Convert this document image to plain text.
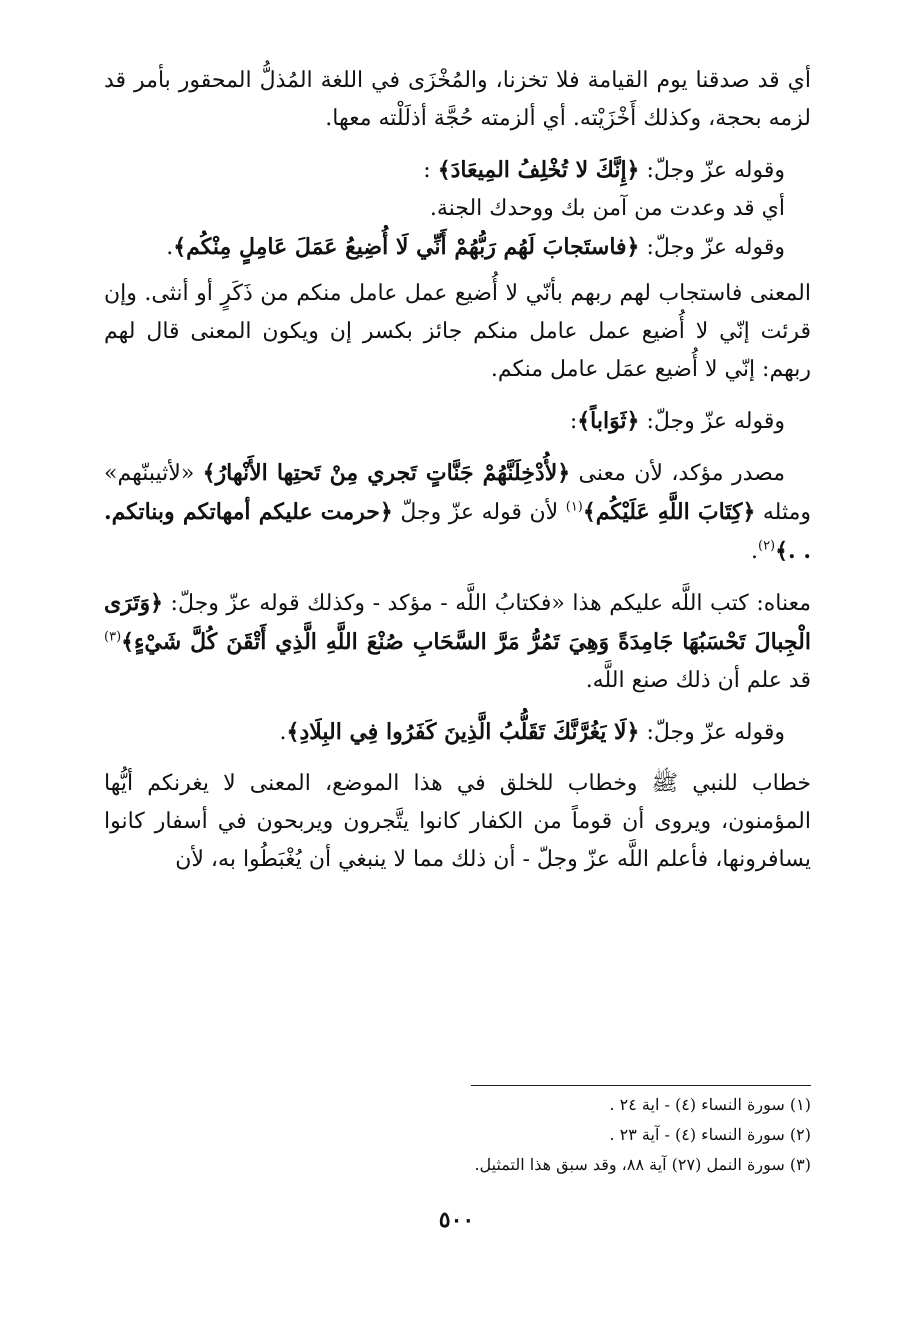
أي قد صدقنا يوم القيامة فلا تخزنا، والمُخْزَى في اللغة المُذلُّ المحقور بأمر قد لزمه بحجة، وكذلك أَخْزَيْته. أي ألزمته حُجَّة أذلَلْته معها.

وقوله عزّ وجلّ: ﴿إِنَّكَ لا تُخْلِفُ المِيعَادَ﴾ :

أي قد وعدت من آمن بك ووحدك الجنة.

وقوله عزّ وجلّ: ﴿فاستَجابَ لَهُم رَبُّهُمْ أَنِّي لَا أُضِيعُ عَمَلَ عَامِلٍ مِنْكُم﴾.

المعنى فاستجاب لهم ربهم بأنّي لا أُضيع عمل عامل منكم من ذَكَرٍ أو أنثى. وإن قرئت إنّي لا أُضيع عمل عامل منكم جائز بكسر إن ويكون المعنى قال لهم ربهم: إنّي لا أُضيع عمَل عامل منكم.

وقوله عزّ وجلّ: ﴿ثَوَاباً﴾:

مصدر مؤكد، لأن معنى ﴿لأُدْخِلَنَّهُمْ جَنَّاتٍ تَجري مِنْ تَحتِها الأَنْهارُ﴾ «لأثيبنّهم» ومثله ﴿كِتَابَ اللَّهِ عَلَيْكُم﴾$^{(١)}$ لأن قوله عزّ وجلّ ﴿حرمت عليكم أمهاتكم وبناتكم. . .﴾$^{(٢)}$.

معناه: كتب اللَّه عليكم هذا «فكتابُ اللَّه - مؤكد - وكذلك قوله عزّ وجلّ: ﴿وَتَرَى الْجِبالَ تَحْسَبُهَا جَامِدَةً وَهِيَ تَمُرُّ مَرَّ السَّحَابِ صُنْعَ اللَّهِ الَّذِي أَتْقَنَ كُلَّ شَيْءٍ﴾$^{(٣)}$ قد علم أن ذلك صنع اللَّه.

وقوله عزّ وجلّ: ﴿لَا يَغُرَّنَّكَ تَقَلُّبُ الَّذِينَ كَفَرُوا فِي البِلَادِ﴾.

خطاب للنبي ﷺ وخطاب للخلق في هذا الموضع، المعنى لا يغرنكم أيُّها المؤمنون، ويروى أن قوماً من الكفار كانوا يتَّجرون ويربحون في أسفار كانوا يسافرونها، فأعلم اللَّه عزّ وجلّ - أن ذلك مما لا ينبغي أن يُغْبَطُوا به، لأن

(١) سورة النساء (٤) - اية ٢٤ .

(٢) سورة النساء (٤) - آية ٢٣ .

(٣) سورة النمل (٢٧) آية ٨٨، وقد سبق هذا التمثيل.

٥٠٠
